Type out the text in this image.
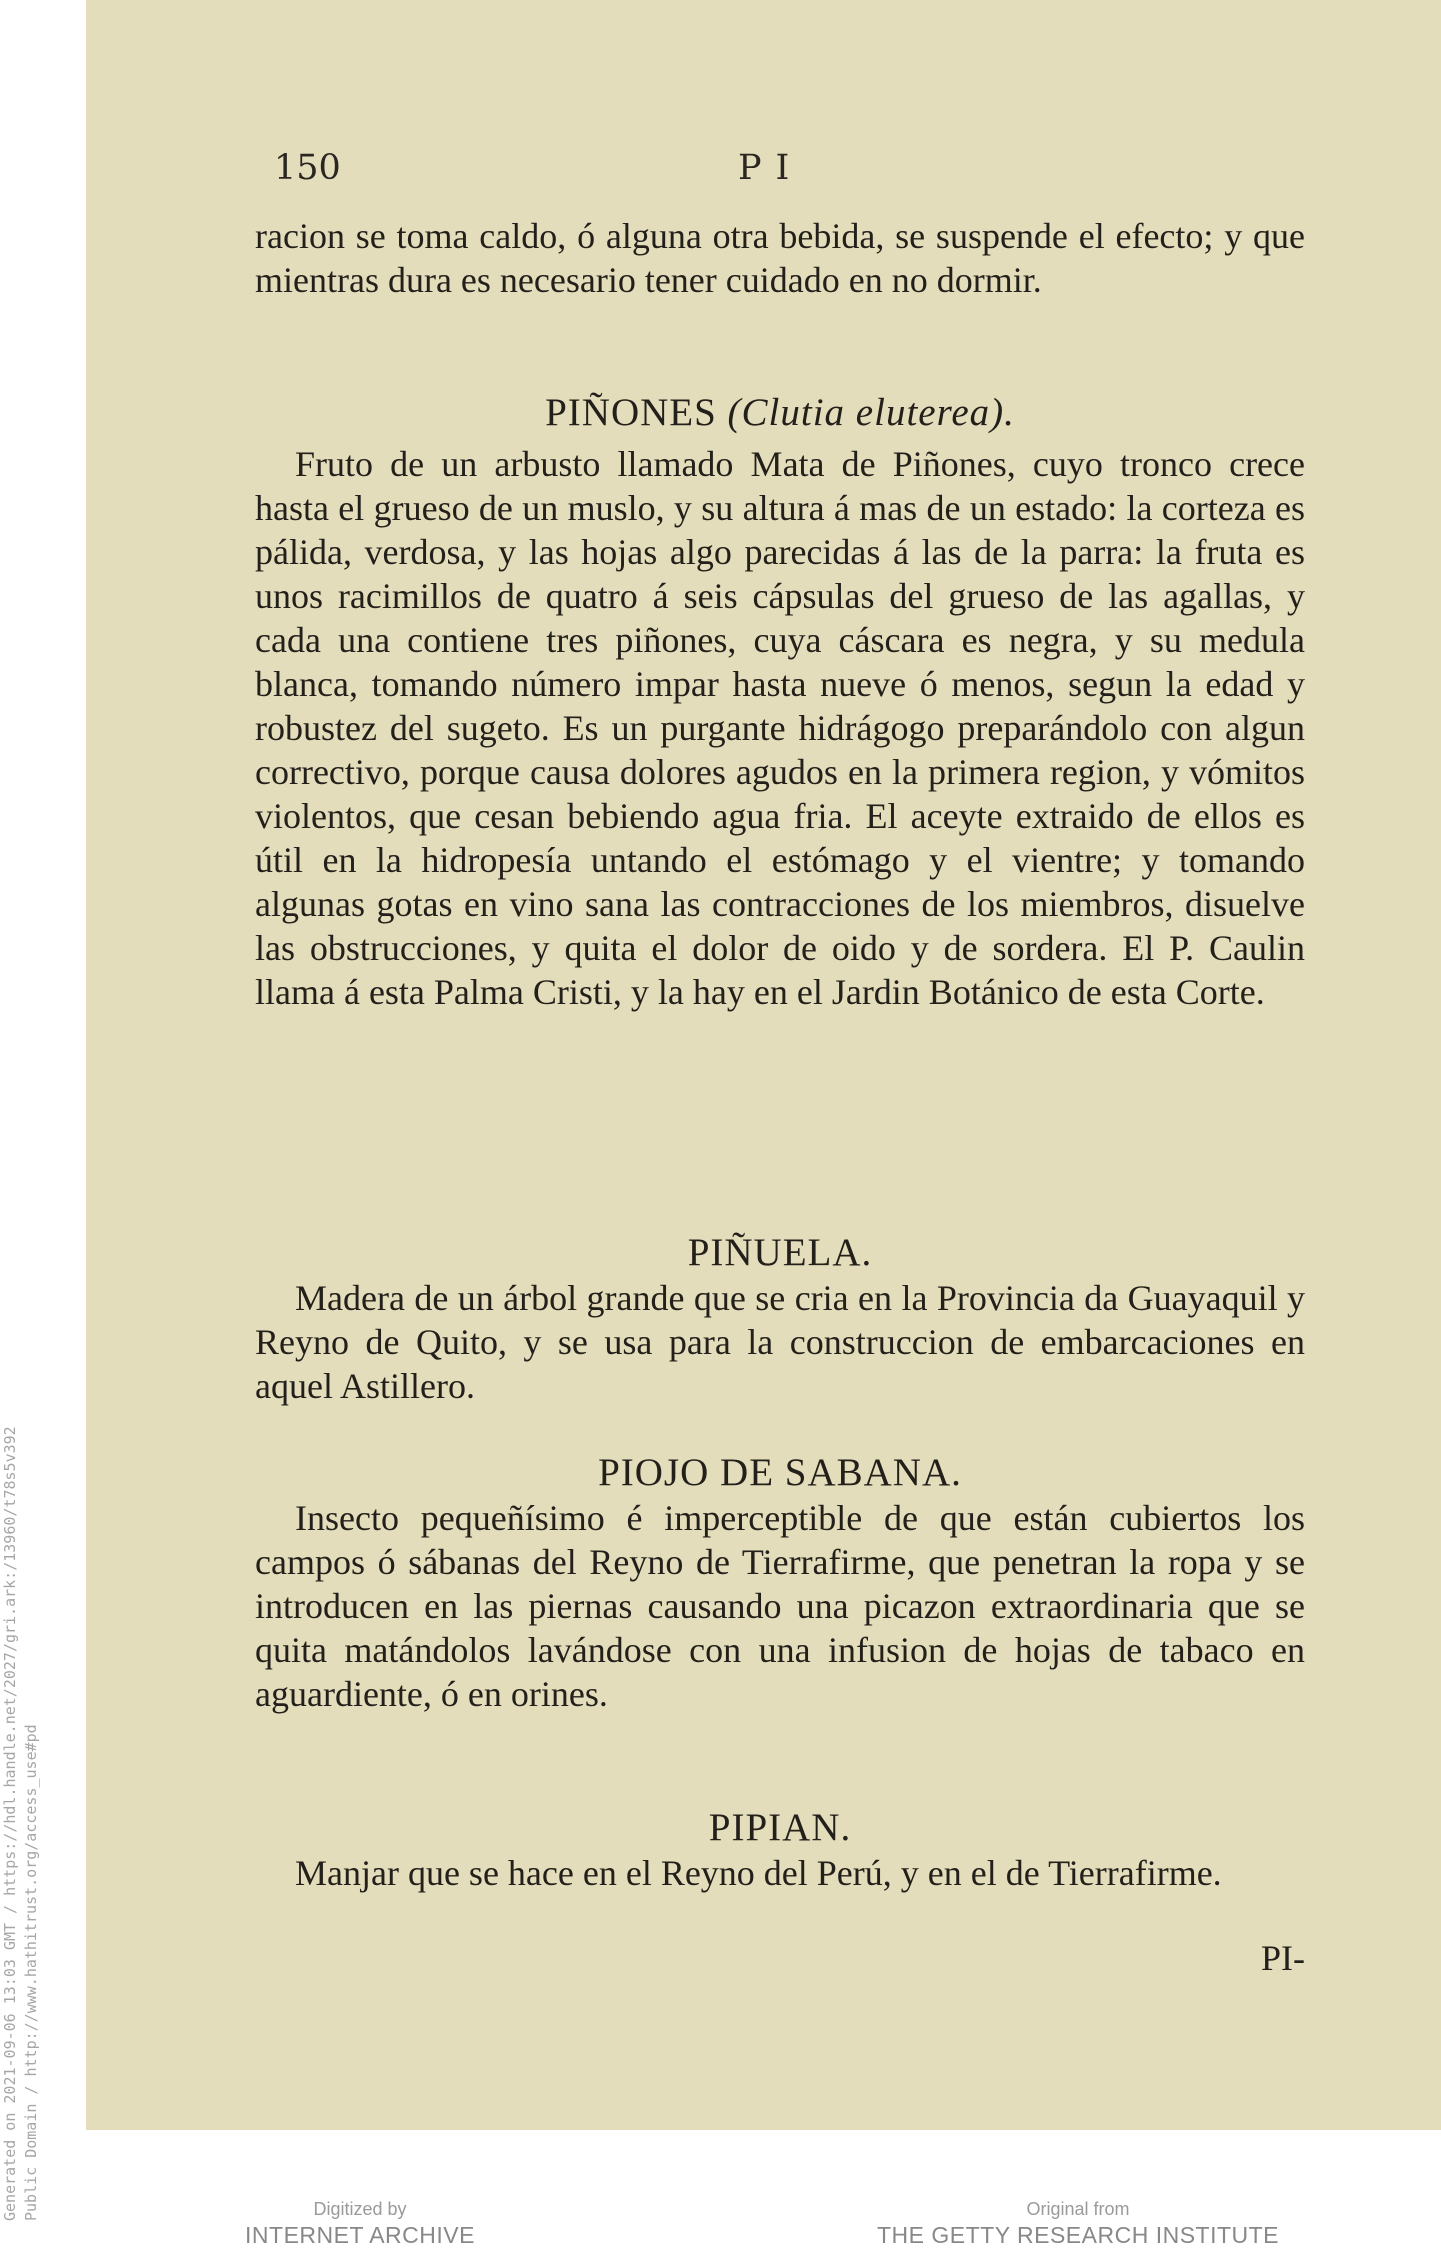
Generated on 2021-09-06 13:03 GMT / https://hdl.handle.net/2027/gri.ark:/13960/t78s5v392 Public Domain / http://www.hathitrust.org/access_use#pd
150	PI

racion se toma caldo, ó alguna otra bebida, se suspende el efecto; y que mientras dura es necesario tener cuidado en no dormir.

PIÑONES (Clutia eluterea).

Fruto de un arbusto llamado Mata de Piñones, cuyo tronco crece hasta el grueso de un muslo, y su altura á mas de un estado: la corteza es pálida, verdosa, y las hojas algo parecidas á las de la parra: la fruta es unos racimillos de quatro á seis cápsulas del grueso de las agallas, y cada una contiene tres piñones, cuya cáscara es negra, y su medula blanca, tomando número impar hasta nueve ó menos, segun la edad y robustez del sugeto. Es un purgante hidrágogo preparándolo con algun correctivo, porque causa dolores agudos en la primera region, y vómitos violentos, que cesan bebiendo agua fria. El aceyte extraido de ellos es útil en la hidropesía untando el estómago y el vientre; y tomando algunas gotas en vino sana las contracciones de los miembros, disuelve las obstrucciones, y quita el dolor de oido y de sordera. El P. Caulin llama á esta Palma Cristi, y la hay en el Jardin Botánico de esta Corte.

PIÑUELA.

Madera de un árbol grande que se cria en la Provincia da Guayaquil y Reyno de Quito, y se usa para la construccion de embarcaciones en aquel Astillero.

PIOJO DE SABANA.

Insecto pequeñísimo é imperceptible de que están cubiertos los campos ó sábanas del Reyno de Tierrafirme, que penetran la ropa y se introducen en las piernas causando una picazon extraordinaria que se quita matándolos lavándose con una infusion de hojas de tabaco en aguardiente, ó en orines.

PIPIAN.

Manjar que se hace en el Reyno del Perú, y en el de Tierrafirme.

PI-
Digitized by
INTERNET ARCHIVE
Original from
THE GETTY RESEARCH INSTITUTE
